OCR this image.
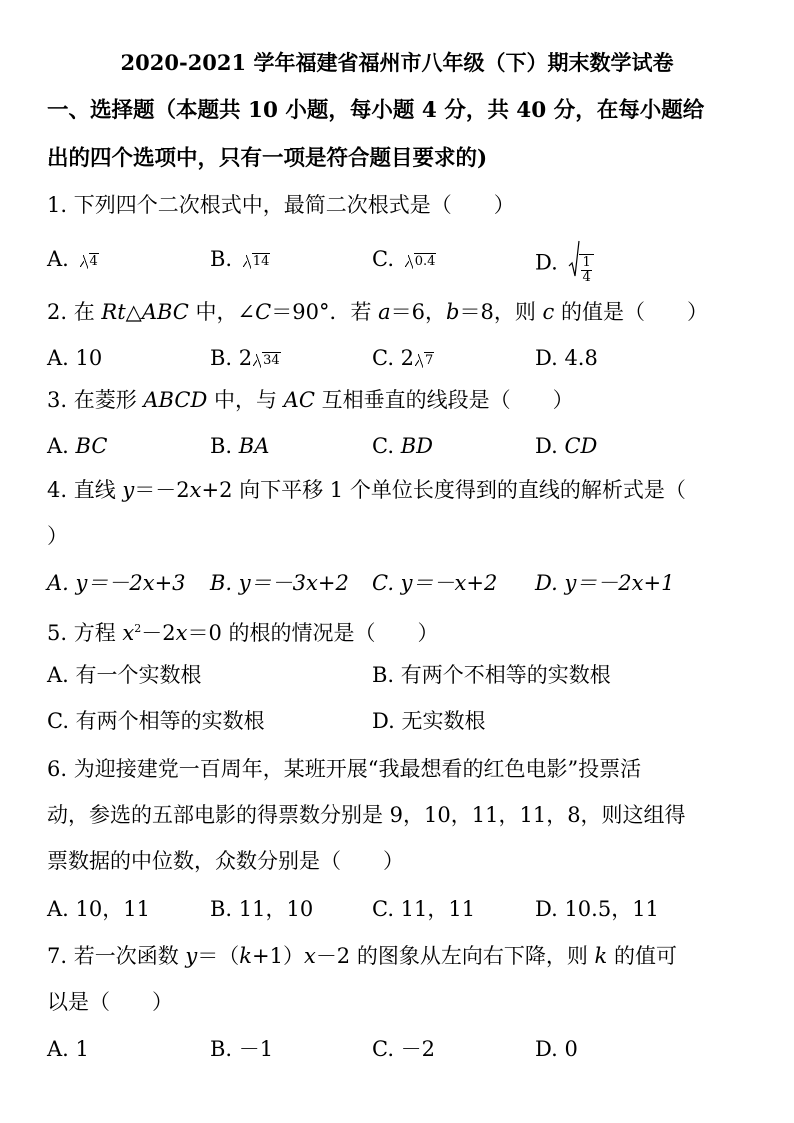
2020-2021 学年福建省福州市八年级（下）期末数学试卷
一、选择题（本题共 10 小题，每小题 4 分，共 40 分，在每小题给
出的四个选项中，只有一项是符合题目要求的)
1. 下列四个二次根式中，最简二次根式是（　　）
A. 4	B. 14	C. 0.4	D. $\frac{1}{4}$
2. 在 Rt△ABC 中，∠C＝90°．若 a＝6，b＝8，则 c 的值是（　　）
A. 10	B. 2 34	C. 2 7	D. 4.8
3. 在菱形 ABCD 中，与 AC 互相垂直的线段是（　　）
A. BC	B. BA	C. BD	D. CD
4. 直线 y＝－2x+2 向下平移 1 个单位长度得到的直线的解析式是（
）
A. y＝－2x+3 B. y＝－3x+2 C. y＝－x+2 D. y＝－2x+1
5. 方程 $x^2-2x=0$ 的根的情况是（　　）
A. 有一个实数根	B. 有两个不相等的实数根
C. 有两个相等的实数根	D. 无实数根
6. 为迎接建党一百周年，某班开展“我最想看的红色电影”投票活
动，参选的五部电影的得票数分别是 9，10，11，11，8，则这组得
票数据的中位数，众数分别是（　　）
A. 10，11	B. 11，10	C. 11，11	D. 10.5，11
7. 若一次函数 y＝（k+1）x－2 的图象从左向右下降，则 k 的值可
以是（　　）
A. 1	B. －1	C. －2	D. 0
